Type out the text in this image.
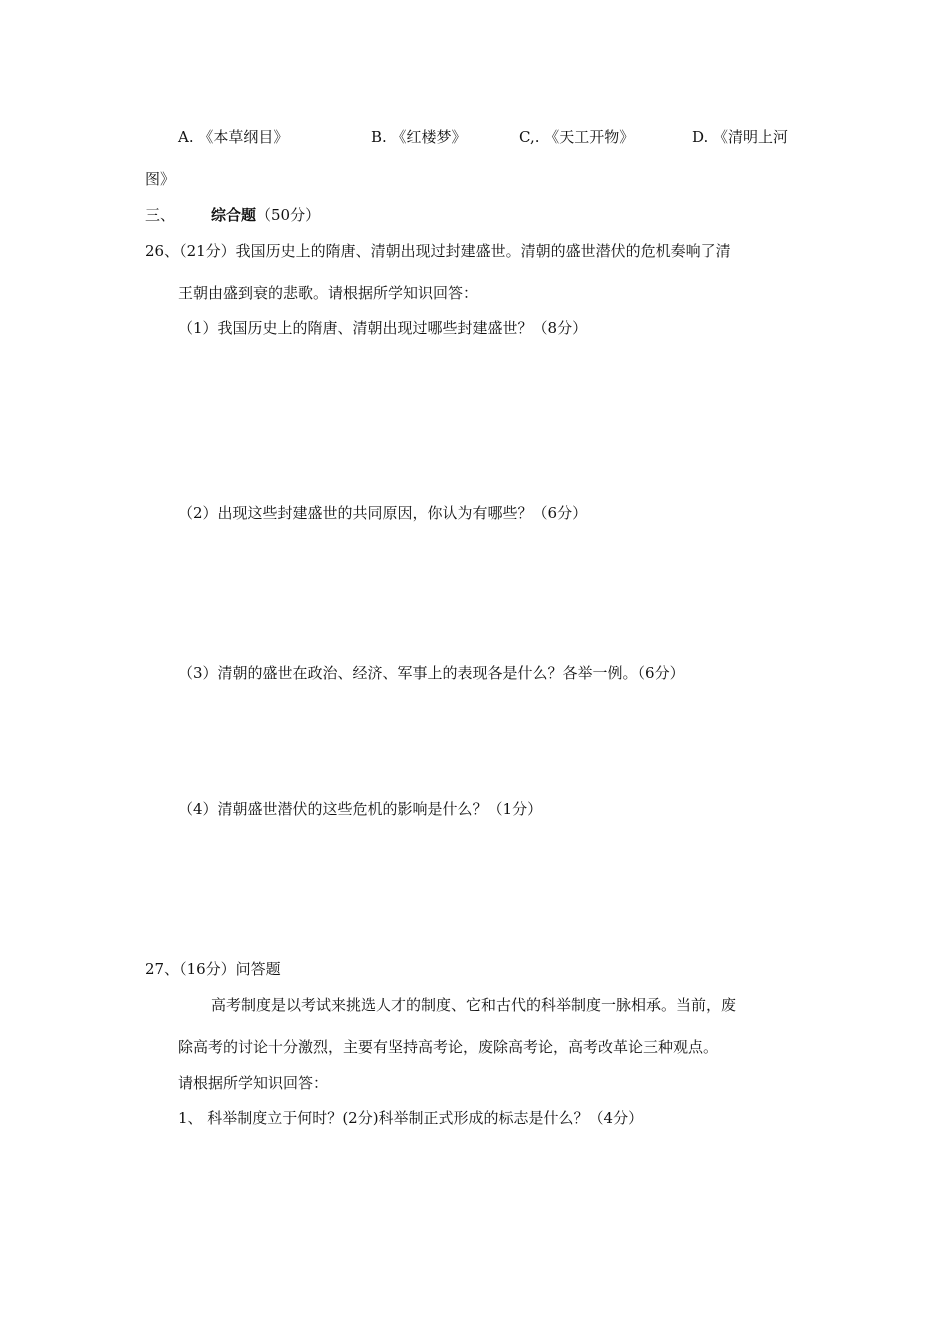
A. 《本草纲目》	B. 《红楼梦》	C,. 《天工开物》	D. 《清明上河
图》
三、 综合题（50分）
26、（21分）我国历史上的隋唐、清朝出现过封建盛世。清朝的盛世潜伏的危机奏响了清
王朝由盛到衰的悲歌。请根据所学知识回答：
（1）我国历史上的隋唐、清朝出现过哪些封建盛世？（8分）
（2）出现这些封建盛世的共同原因，你认为有哪些？（6分）
（3）清朝的盛世在政治、经济、军事上的表现各是什么？各举一例。（6分）
（4）清朝盛世潜伏的这些危机的影响是什么？（1分）
27、（16分）问答题
高考制度是以考试来挑选人才的制度、它和古代的科举制度一脉相承。当前，废
除高考的讨论十分激烈，主要有坚持高考论，废除高考论，高考改革论三种观点。
请根据所学知识回答：
1、 科举制度立于何时？(2分)科举制正式形成的标志是什么？（4分）
